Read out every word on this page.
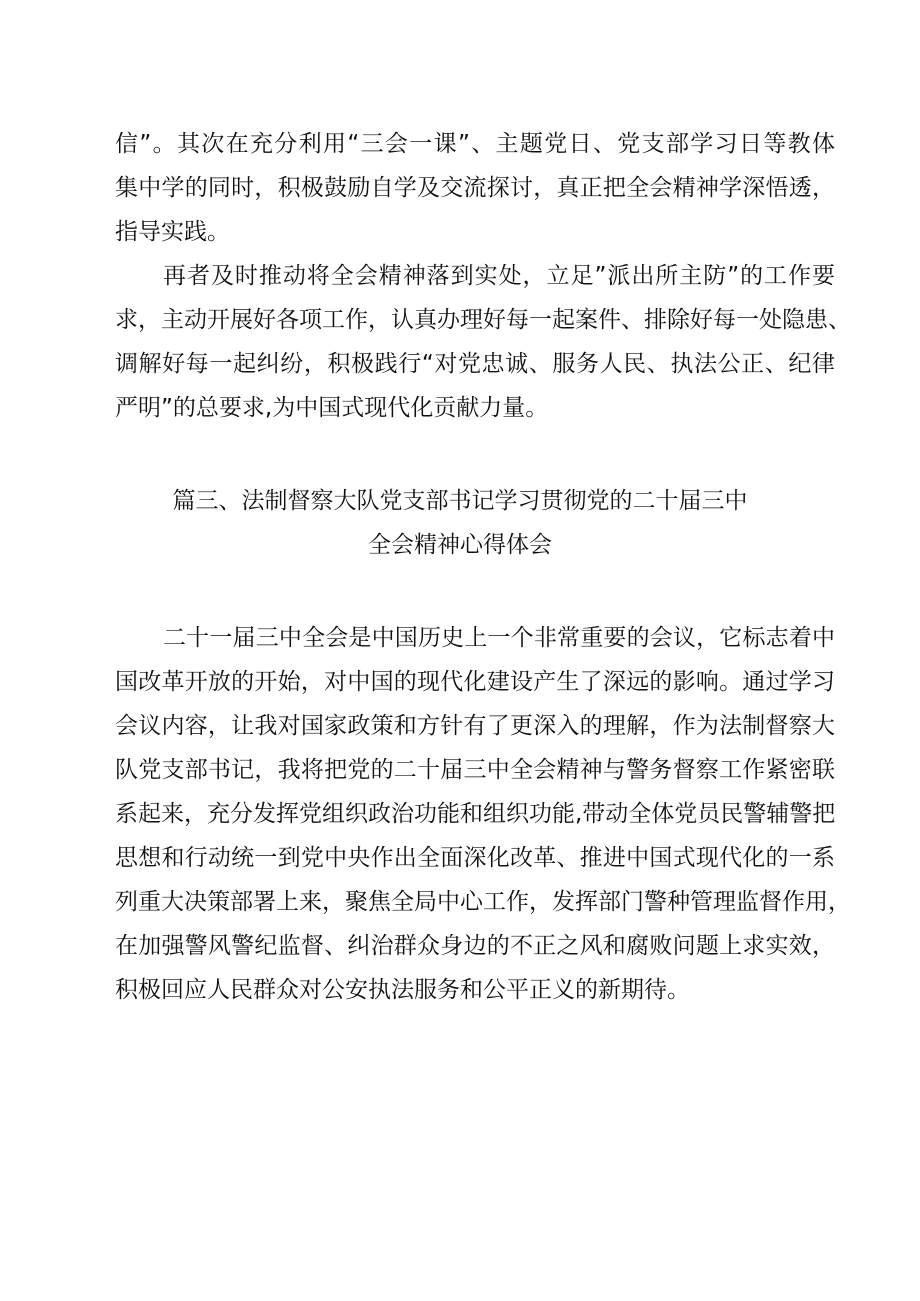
信”。其次在充分利用“三会一课”、主题党日、党支部学习日等教体
集中学的同时，积极鼓励自学及交流探讨，真正把全会精神学深悟透，
指导实践。
再者及时推动将全会精神落到实处，立足”派出所主防”的工作要
求，主动开展好各项工作，认真办理好每一起案件、排除好每一处隐患、
调解好每一起纠纷，积极践行“对党忠诚、服务人民、执法公正、纪律
严明”的总要求,为中国式现代化贡献力量。
篇三、法制督察大队党支部书记学习贯彻党的二十届三中
全会精神心得体会
二十一届三中全会是中国历史上一个非常重要的会议，它标志着中
国改革开放的开始，对中国的现代化建设产生了深远的影响。通过学习
会议内容，让我对国家政策和方针有了更深入的理解，作为法制督察大
队党支部书记，我将把党的二十届三中全会精神与警务督察工作紧密联
系起来，充分发挥党组织政治功能和组织功能,带动全体党员民警辅警把
思想和行动统一到党中央作出全面深化改革、推进中国式现代化的一系
列重大决策部署上来，聚焦全局中心工作，发挥部门警种管理监督作用，
在加强警风警纪监督、纠治群众身边的不正之风和腐败问题上求实效，
积极回应人民群众对公安执法服务和公平正义的新期待。
